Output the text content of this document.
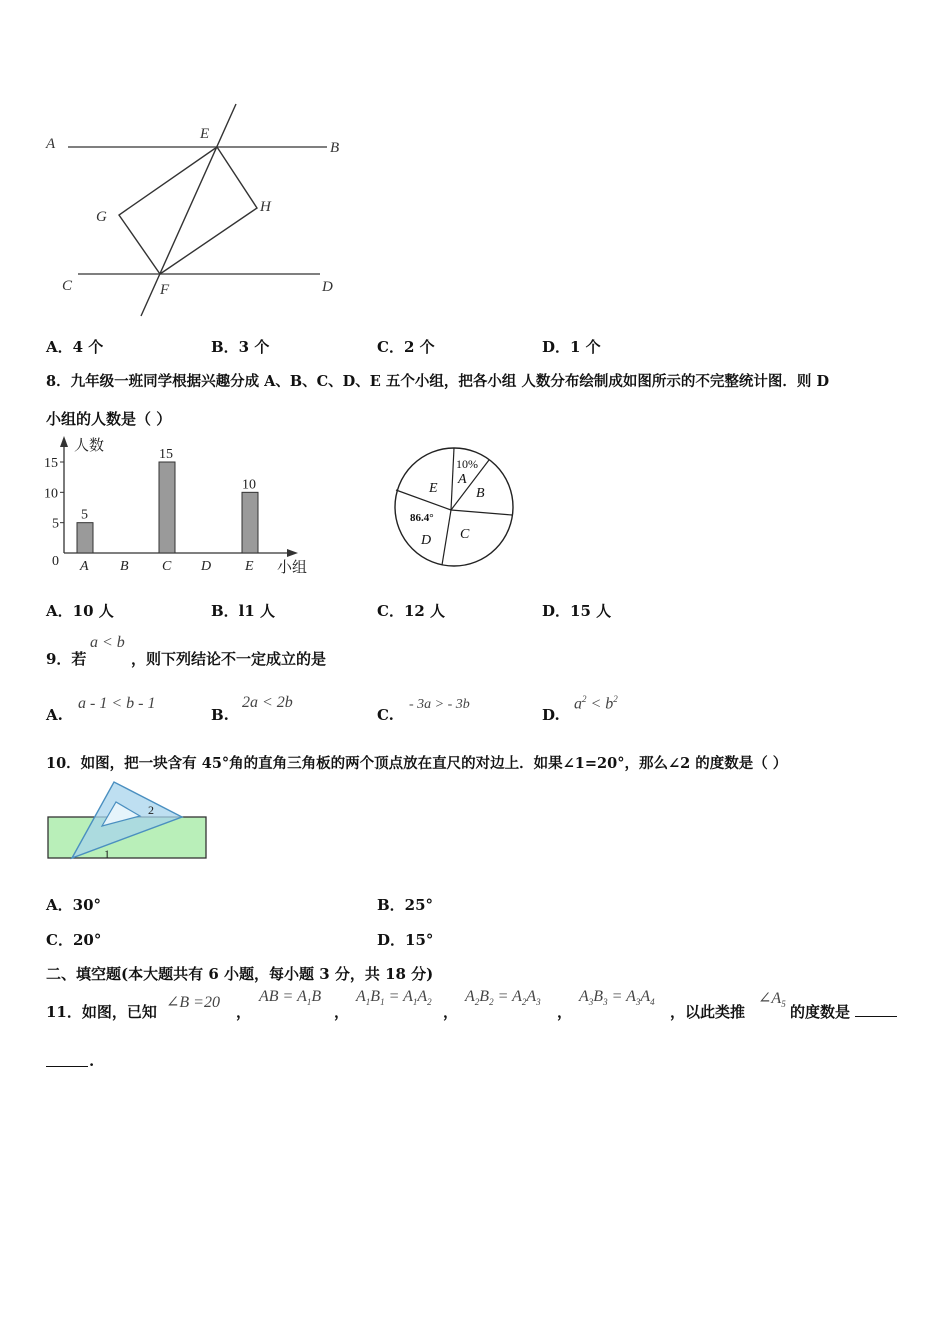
A	B
E
G
H
C	F	D
A．4 个	B．3 个	C．2 个	D．1 个
8．九年级一班同学根据兴趣分成 A、B、C、D、E 五个小组，把各小组 人数分布绘制成如图所示的不完整统计图．则 D
小组的人数是（ ）
人数
小组
0
5
10
15
5
A B
15
C D
10
E
10%
A
B
E
86.4°
C
D
A．10 人	B．l1 人	C．12 人	D．15 人
9．若
a < b
，则下列结论不一定成立的是
A.
a - 1 < b - 1
B.
2a < 2b
C.
- 3a > - 3b
D.
$a^2 < b^2$
10．如图，把一块含有 45°角的直角三角板的两个顶点放在直尺的对边上．如果∠1=20°，那么∠2 的度数是（ ）
2
1
A．30°	B．25°
C．20°	D．15°
二、填空题(本大题共有 6 小题，每小题 3 分，共 18 分)
11．如图，已知
∠B =20
，
AB = $A_1B$
，
$A_1B_1 = A_1A_2$
，
$A_2B_2 = A_2A_3$
，
$A_3B_3 = A_3A_4$
，以此类推
$\angle A_5$ 的度数是
.
